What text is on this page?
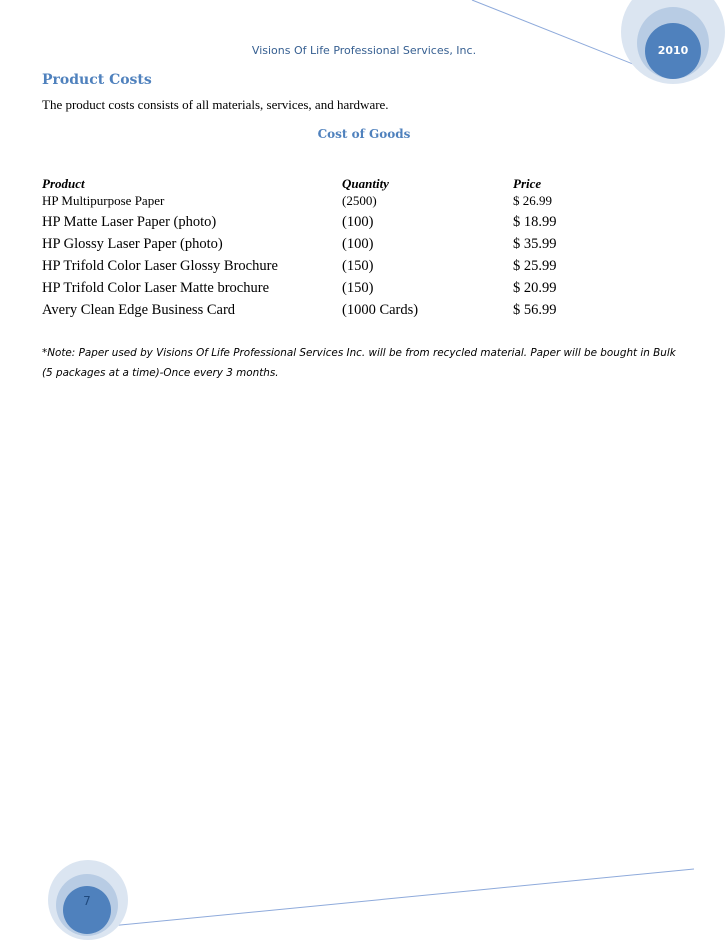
Visions Of Life Professional Services, Inc.	2010
Product Costs
The product costs consists of all materials, services, and hardware.
Cost of Goods
Product	Quantity	Price
HP Multipurpose Paper	(2500)	$ 26.99
HP Matte Laser Paper (photo)	(100)	$ 18.99
HP Glossy Laser Paper (photo)	(100)	$ 35.99
HP Trifold Color Laser Glossy Brochure	(150)	$ 25.99
HP Trifold Color Laser Matte brochure	(150)	$ 20.99
Avery Clean Edge Business Card	(1000 Cards)	$ 56.99
*Note: Paper used by Visions Of Life Professional Services Inc. will be from recycled material. Paper will be bought in Bulk
(5 packages at a time)-Once every 3 months.
7
